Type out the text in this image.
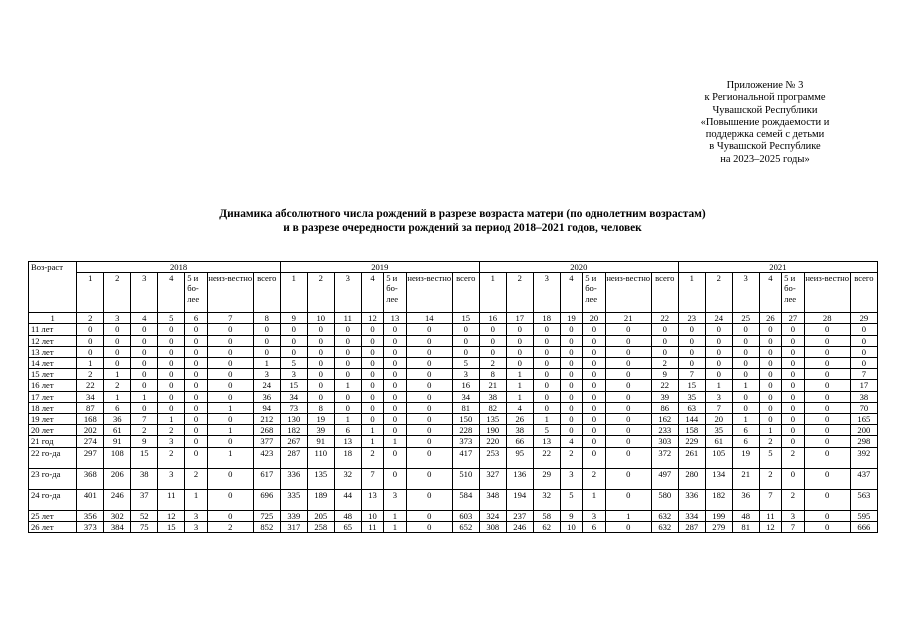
Приложение № 3
к Региональной программе
Чувашской Республики
«Повышение рождаемости и
поддержка семей с детьми
в Чувашской Республике
на 2023–2025 годы»
Динамика абсолютного числа рождений в разрезе возраста матери (по однолетним возрастам)
и в разрезе очередности рождений за период 2018–2021 годов, человек
Воз-раст	2018							2019							2020							2021						
	1	2	3	4	5 и бо-лее	неиз-вестно	всего	1	2	3	4	5 и бо-лее	неиз-вестно	всего	1	2	3	4	5 и бо-лее	неиз-вестно	всего	1	2	3	4	5 и бо-лее	неиз-вестно	всего
1	2	3	4	5	6	7	8	9	10	11	12	13	14	15	16	17	18	19	20	21	22	23	24	25	26	27	28	29
11 лет	0	0	0	0	0	0	0	0	0	0	0	0	0	0	0	0	0	0	0	0	0	0	0	0	0	0	0	0
12 лет	0	0	0	0	0	0	0	0	0	0	0	0	0	0	0	0	0	0	0	0	0	0	0	0	0	0	0	0
13 лет	0	0	0	0	0	0	0	0	0	0	0	0	0	0	0	0	0	0	0	0	0	0	0	0	0	0	0	0
14 лет	1	0	0	0	0	0	1	5	0	0	0	0	0	5	2	0	0	0	0	0	2	0	0	0	0	0	0	0
15 лет	2	1	0	0	0	0	3	3	0	0	0	0	0	3	8	1	0	0	0	0	9	7	0	0	0	0	0	7
16 лет	22	2	0	0	0	0	24	15	0	1	0	0	0	16	21	1	0	0	0	0	22	15	1	1	0	0	0	17
17 лет	34	1	1	0	0	0	36	34	0	0	0	0	0	34	38	1	0	0	0	0	39	35	3	0	0	0	0	38
18 лет	87	6	0	0	0	1	94	73	8	0	0	0	0	81	82	4	0	0	0	0	86	63	7	0	0	0	0	70
19 лет	168	36	7	1	0	0	212	130	19	1	0	0	0	150	135	26	1	0	0	0	162	144	20	1	0	0	0	165
20 лет	202	61	2	2	0	1	268	182	39	6	1	0	0	228	190	38	5	0	0	0	233	158	35	6	1	0	0	200
21 год	274	91	9	3	0	0	377	267	91	13	1	1	0	373	220	66	13	4	0	0	303	229	61	6	2	0	0	298
22 го-да	297	108	15	2	0	1	423	287	110	18	2	0	0	417	253	95	22	2	0	0	372	261	105	19	5	2	0	392
23 го-да	368	206	38	3	2	0	617	336	135	32	7	0	0	510	327	136	29	3	2	0	497	280	134	21	2	0	0	437
24 го-да	401	246	37	11	1	0	696	335	189	44	13	3	0	584	348	194	32	5	1	0	580	336	182	36	7	2	0	563
25 лет	356	302	52	12	3	0	725	339	205	48	10	1	0	603	324	237	58	9	3	1	632	334	199	48	11	3	0	595
26 лет	373	384	75	15	3	2	852	317	258	65	11	1	0	652	308	246	62	10	6	0	632	287	279	81	12	7	0	666
